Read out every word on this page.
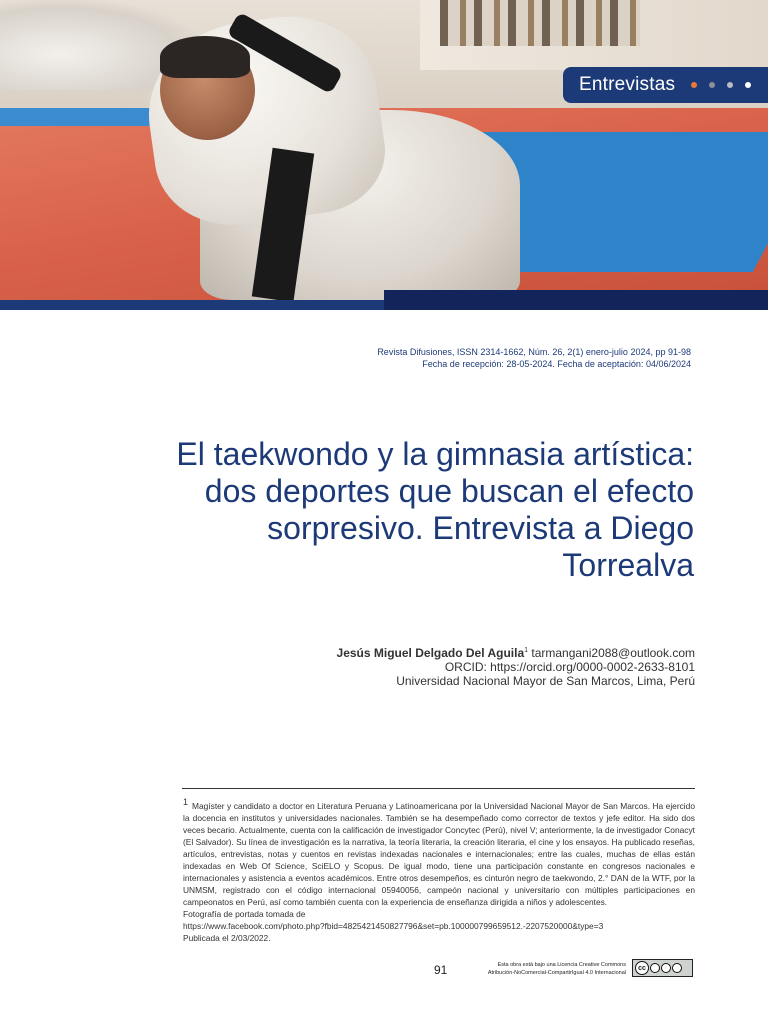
Entrevistas
Revista Difusiones, ISSN 2314-1662, Núm. 26, 2(1) enero-julio 2024, pp 91-98
Fecha de recepción: 28-05-2024. Fecha de aceptación: 04/06/2024
El taekwondo y la gimnasia artística:
dos deportes que buscan el efecto
sorpresivo. Entrevista a Diego Torrealva
Jesús Miguel Delgado Del Aguila$^1$ tarmangani2088@outlook.com
ORCID: https://orcid.org/0000-0002-2633-8101
Universidad Nacional Mayor de San Marcos, Lima, Perú

$^1$ Magíster y candidato a doctor en Literatura Peruana y Latinoamericana por la Universidad Nacional Mayor de San Marcos. Ha ejercido la docencia en institutos y universidades nacionales. También se ha desempeñado como corrector de textos y jefe editor. Ha sido dos veces becario. Actualmente, cuenta con la calificación de investigador Concytec (Perú), nivel V; anteriormente, la de investigador Conacyt (El Salvador). Su línea de investigación es la narrativa, la teoría literaria, la creación literaria, el cine y los ensayos. Ha publicado reseñas, artículos, entrevistas, notas y cuentos en revistas indexadas nacionales e internacionales; entre las cuales, muchas de ellas están indexadas en Web Of Science, SciELO y Scopus. De igual modo, tiene una participación constante en congresos nacionales e internacionales y asistencia a eventos académicos. Entre otros desempeños, es cinturón negro de taekwondo, 2.° DAN de la WTF, por la UNMSM, registrado con el código internacional 05940056, campeón nacional y universitario con múltiples participaciones en campeonatos en Perú, así como también cuenta con la experiencia de enseñanza dirigida a niños y adolescentes.

Fotografía de portada tomada de

https://www.facebook.com/photo.php?fbid=4825421450827796&set=pb.100000799659512.-2207520000&type=3

Publicada el 2/03/2022.

91	Esta obra está bajo una Licencia Creative Commons
Atribución-NoComercial-CompartirIgual 4.0 Internacional
cc
